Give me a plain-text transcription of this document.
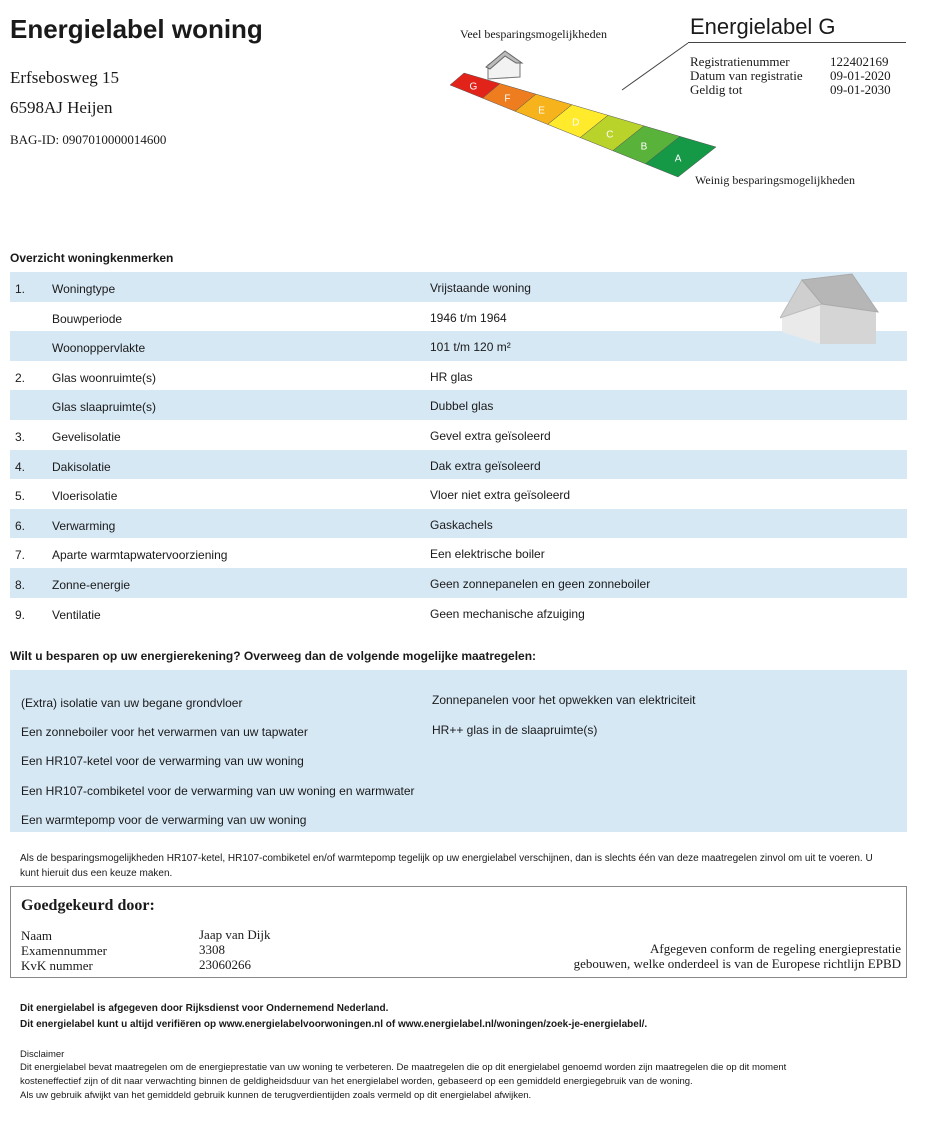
Energielabel woning
Erfsebosweg 15
6598AJ Heijen
BAG-ID: 0907010000014600
Veel besparingsmogelijkheden
G
F
E
D
C
B
A
Weinig besparingsmogelijkheden
Energielabel G
Registratienummer	122402169
Datum van registratie	09-01-2020
Geldig tot	09-01-2030
Overzicht woningkenmerken
1. Woningtype	Vrijstaande woning
Bouwperiode	1946 t/m 1964
Woonoppervlakte	101 t/m 120 m²
2. Glas woonruimte(s)	HR glas
Glas slaapruimte(s)	Dubbel glas
3. Gevelisolatie	Gevel extra geïsoleerd
4. Dakisolatie	Dak extra geïsoleerd
5. Vloerisolatie	Vloer niet extra geïsoleerd
6. Verwarming	Gaskachels
7. Aparte warmtapwatervoorziening	Een elektrische boiler
8. Zonne-energie	Geen zonnepanelen en geen zonneboiler
9. Ventilatie	Geen mechanische afzuiging
Wilt u besparen op uw energierekening? Overweeg dan de volgende mogelijke maatregelen:
(Extra) isolatie van uw begane grondvloer
Een zonneboiler voor het verwarmen van uw tapwater
Een HR107-ketel voor de verwarming van uw woning
Een HR107-combiketel voor de verwarming van uw woning en warmwater
Een warmtepomp voor de verwarming van uw woning
Zonnepanelen voor het opwekken van elektriciteit
HR++ glas in de slaapruimte(s)
Als de besparingsmogelijkheden HR107-ketel, HR107-combiketel en/of warmtepomp tegelijk op uw energielabel verschijnen, dan is slechts één van deze maatregelen zinvol om uit te voeren. U kunt hieruit dus een keuze maken.
Goedgekeurd door:
Naam	Jaap van Dijk
Examennummer	3308
KvK nummer	23060266
Afgegeven conform de regeling energieprestatie
gebouwen, welke onderdeel is van de Europese richtlijn EPBD
Dit energielabel is afgegeven door Rijksdienst voor Ondernemend Nederland.
Dit energielabel kunt u altijd verifiëren op www.energielabelvoorwoningen.nl of www.energielabel.nl/woningen/zoek-je-energielabel/.
Disclaimer
Dit energielabel bevat maatregelen om de energieprestatie van uw woning te verbeteren. De maatregelen die op dit energielabel genoemd worden zijn maatregelen die op dit moment
kosteneffectief zijn of dit naar verwachting binnen de geldigheidsduur van het energielabel worden, gebaseerd op een gemiddeld energiegebruik van de woning.
Als uw gebruik afwijkt van het gemiddeld gebruik kunnen de terugverdientijden zoals vermeld op dit energielabel afwijken.
